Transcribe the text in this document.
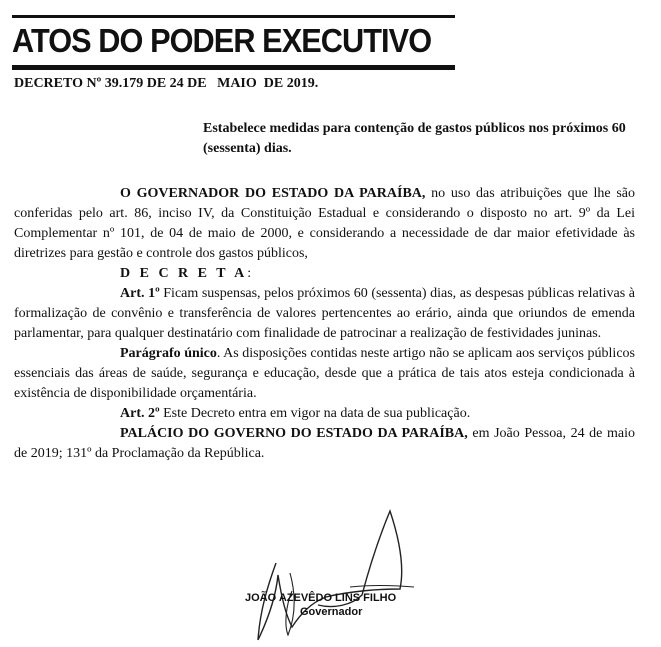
ATOS DO PODER EXECUTIVO
DECRETO Nº 39.179 DE 24 DE   MAIO  DE 2019.
Estabelece medidas para contenção de gastos públicos nos próximos 60 (sessenta) dias.

O GOVERNADOR DO ESTADO DA PARAÍBA, no uso das atribuições que lhe são conferidas pelo art. 86, inciso IV, da Constituição Estadual e considerando o disposto no art. 9º da Lei Complementar nº 101, de 04 de maio de 2000, e considerando a necessidade de dar maior efetividade às diretrizes para gestão e controle dos gastos públicos,

D E C R E T A:

Art. 1º Ficam suspensas, pelos próximos 60 (sessenta) dias, as despesas públicas relativas à formalização de convênio e transferência de valores pertencentes ao erário, ainda que oriundos de emenda parlamentar, para qualquer destinatário com finalidade de patrocinar a realização de festividades juninas.

Parágrafo único. As disposições contidas neste artigo não se aplicam aos serviços públicos essenciais das áreas de saúde, segurança e educação, desde que a prática de tais atos esteja condicionada à existência de disponibilidade orçamentária.

Art. 2º Este Decreto entra em vigor na data de sua publicação.

PALÁCIO DO GOVERNO DO ESTADO DA PARAÍBA, em João Pessoa, 24 de maio de 2019; 131º da Proclamação da República.

JOÃO AZEVÊDO LINS FILHO
Governador
